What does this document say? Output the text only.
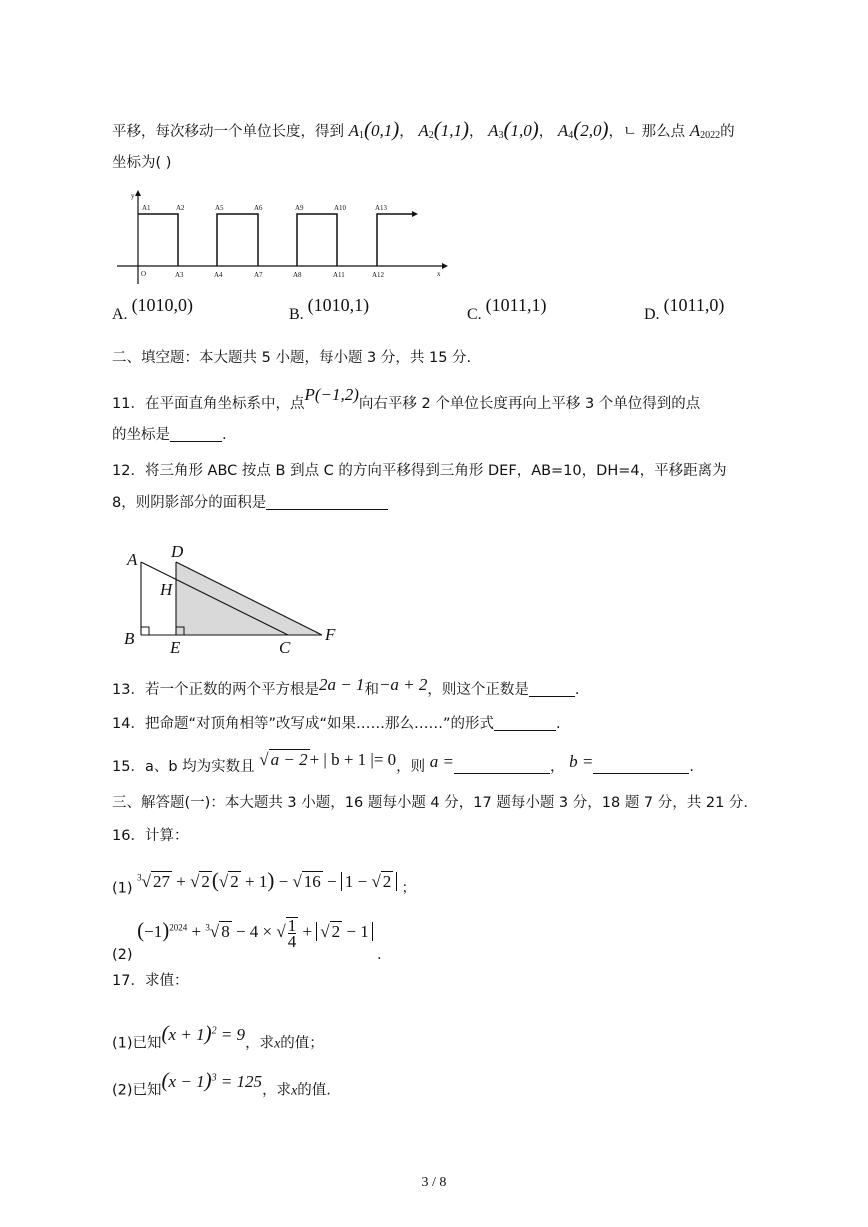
平移，每次移动一个单位长度，得到 $A_1(0,1)$， $A_2(1,1)$， $A_3(1,0)$， $A_4(2,0)$，ㄴ 那么点 $A_{2022}$的
坐标为( )
y
A1	A2	A5	A6	A9	A10	A13
O	A3	A4	A7	A8	A11	A12	x
A. (1010,0)	B. (1010,1)	C. (1011,1)	D. (1011,0)
二、填空题：本大题共 5 小题，每小题 3 分，共 15 分.
11．在平面直角坐标系中，点P(−1,2)向右平移 2 个单位长度再向上平移 3 个单位得到的点
的坐标是	.
12．将三角形 ABC 按点 B 到点 C 的方向平移得到三角形 DEF，AB=10，DH=4，平移距离为
8，则阴影部分的面积是
A D
H
B E	C
F
13．若一个正数的两个平方根是2a − 1和−a + 2，则这个正数是	.
14．把命题“对顶角相等”改写成“如果……那么……”的形式	.
15．a、b 均为实数且 √ a − 2 + | b + 1 |= 0，则 a =	， b =	.
三、解答题(一)：本大题共 3 小题，16 题每小题 4 分，17 题每小题 3 分，18 题 7 分，共 21 分.
16．计算：
(1) $^3$√ 27 + √ 2(√ 2 + 1) − √ 16 − 1 − √ 2 ；
(2) $(-1)^{2024} + ^3√$ 8 − 4 × √ $\frac{1}{4}$ + √ 2 − 1 .
17．求值：
(1)已知$(x + 1)^2 = 9$，求x的值；
(2)已知$(x - 1)^3 = 125$，求x的值.
3 / 8
